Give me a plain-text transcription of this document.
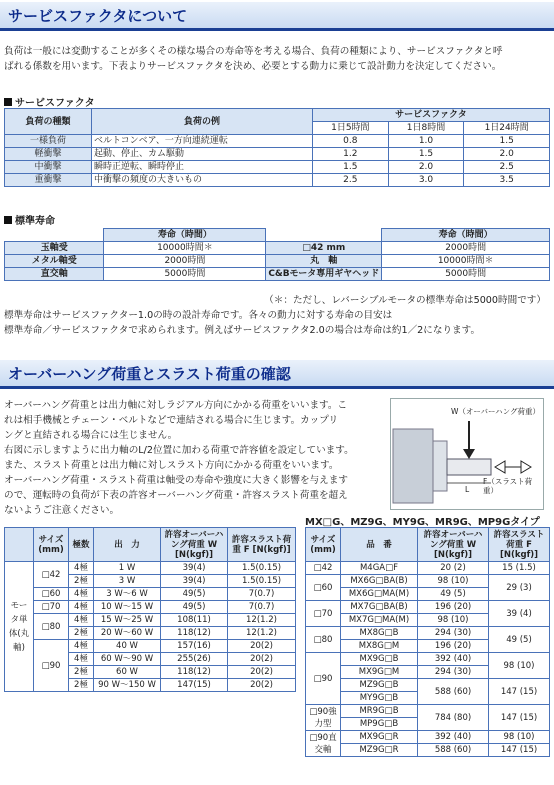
サービスファクタについて
負荷は一般には変動することが多くその様な場合の寿命等を考える場合、負荷の種類により、サービスファクタと呼
ばれる係数を用います。下表よりサービスファクタを決め、必要とする動力に乗じて設計動力を決定してください。
サービスファクタ
負荷の種類	負荷の例	サービスファクタ		
		1日5時間	1日8時間	1日24時間
一様負荷	ベルトコンベア、一方向連続運転	0.8	1.0	1.5
軽衝撃	起動、停止、カム駆動	1.2	1.5	2.0
中衝撃	瞬時正逆転、瞬時停止	1.5	2.0	2.5
重衝撃	中衝撃の頻度の大きいもの	2.5	3.0	3.5
標準寿命
	寿命（時間）		寿命（時間）
玉軸受	10000時間＊	□42 mm	2000時間
メタル軸受	2000時間	丸　軸	10000時間＊
直交軸	5000時間	C&Bモータ専用ギヤヘッド	5000時間
（＊：ただし、レバーシブルモータの標準寿命は5000時間です）
標準寿命はサービスファクター1.0の時の設計寿命です。各々の動力に対する寿命の目安は
標準寿命／サービスファクタで求められます。例えばサービスファクタ2.0の場合は寿命は約1／2になります。
オーバーハング荷重とスラスト荷重の確認
オーバーハング荷重とは出力軸に対しラジアル方向にかかる荷重をいいます。こ
れは相手機械とチェーン・ベルトなどで連結される場合に生じます。カップリ
ングと直結される場合には生じません。
右図に示しますように出力軸のL/2位置に加わる荷重で許容値を設定しています。
また、スラスト荷重とは出力軸に対しスラスト方向にかかる荷重をいいます。
オーバーハング荷重・スラスト荷重は軸受の寿命や強度に大きく影響を与えます
ので、運転時の負荷が下表の許容オーバーハング荷重・許容スラスト荷重を超え
ないようご注意ください。
W（オーバーハング荷重）
L
F（スラスト荷重）
	サイズ(mm)	極数	出　力	許容オーバーハング荷重 W [N(kgf)]	許容スラスト荷重 F [N(kgf)]
モータ単体(丸軸)	□42	4極	1 W	39(4)	1.5(0.15)
		2極	3 W	39(4)	1.5(0.15)
	□60	4極	3 W～6 W	49(5)	7(0.7)
	□70	4極	10 W～15 W	49(5)	7(0.7)
	□80	4極	15 W～25 W	108(11)	12(1.2)
		2極	20 W～60 W	118(12)	12(1.2)
	□90	4極	40 W	157(16)	20(2)
		4極	60 W～90 W	255(26)	20(2)
		2極	60 W	118(12)	20(2)
		2極	90 W～150 W	147(15)	20(2)
MX□G、MZ9G、MY9G、MR9G、MP9Gタイプ
サイズ(mm)	品　番	許容オーバーハング荷重 W [N(kgf)]	許容スラスト荷重 F [N(kgf)]
□42	M4GA□F	20 (2)	15 (1.5)
□60	MX6G□BA(B)	98 (10)	29 (3)
	MX6G□MA(M)	49 (5)	
□70	MX7G□BA(B)	196 (20)	39 (4)
	MX7G□MA(M)	98 (10)	
□80	MX8G□B	294 (30)	49 (5)
	MX8G□M	196 (20)	
□90	MX9G□B	392 (40)	98 (10)
	MX9G□M	294 (30)	
	MZ9G□B	588 (60)	147 (15)
	MY9G□B		
□90強力型	MR9G□B	784 (80)	147 (15)
	MP9G□B		
□90直交軸	MX9G□R	392 (40)	98 (10)
	MZ9G□R	588 (60)	147 (15)
